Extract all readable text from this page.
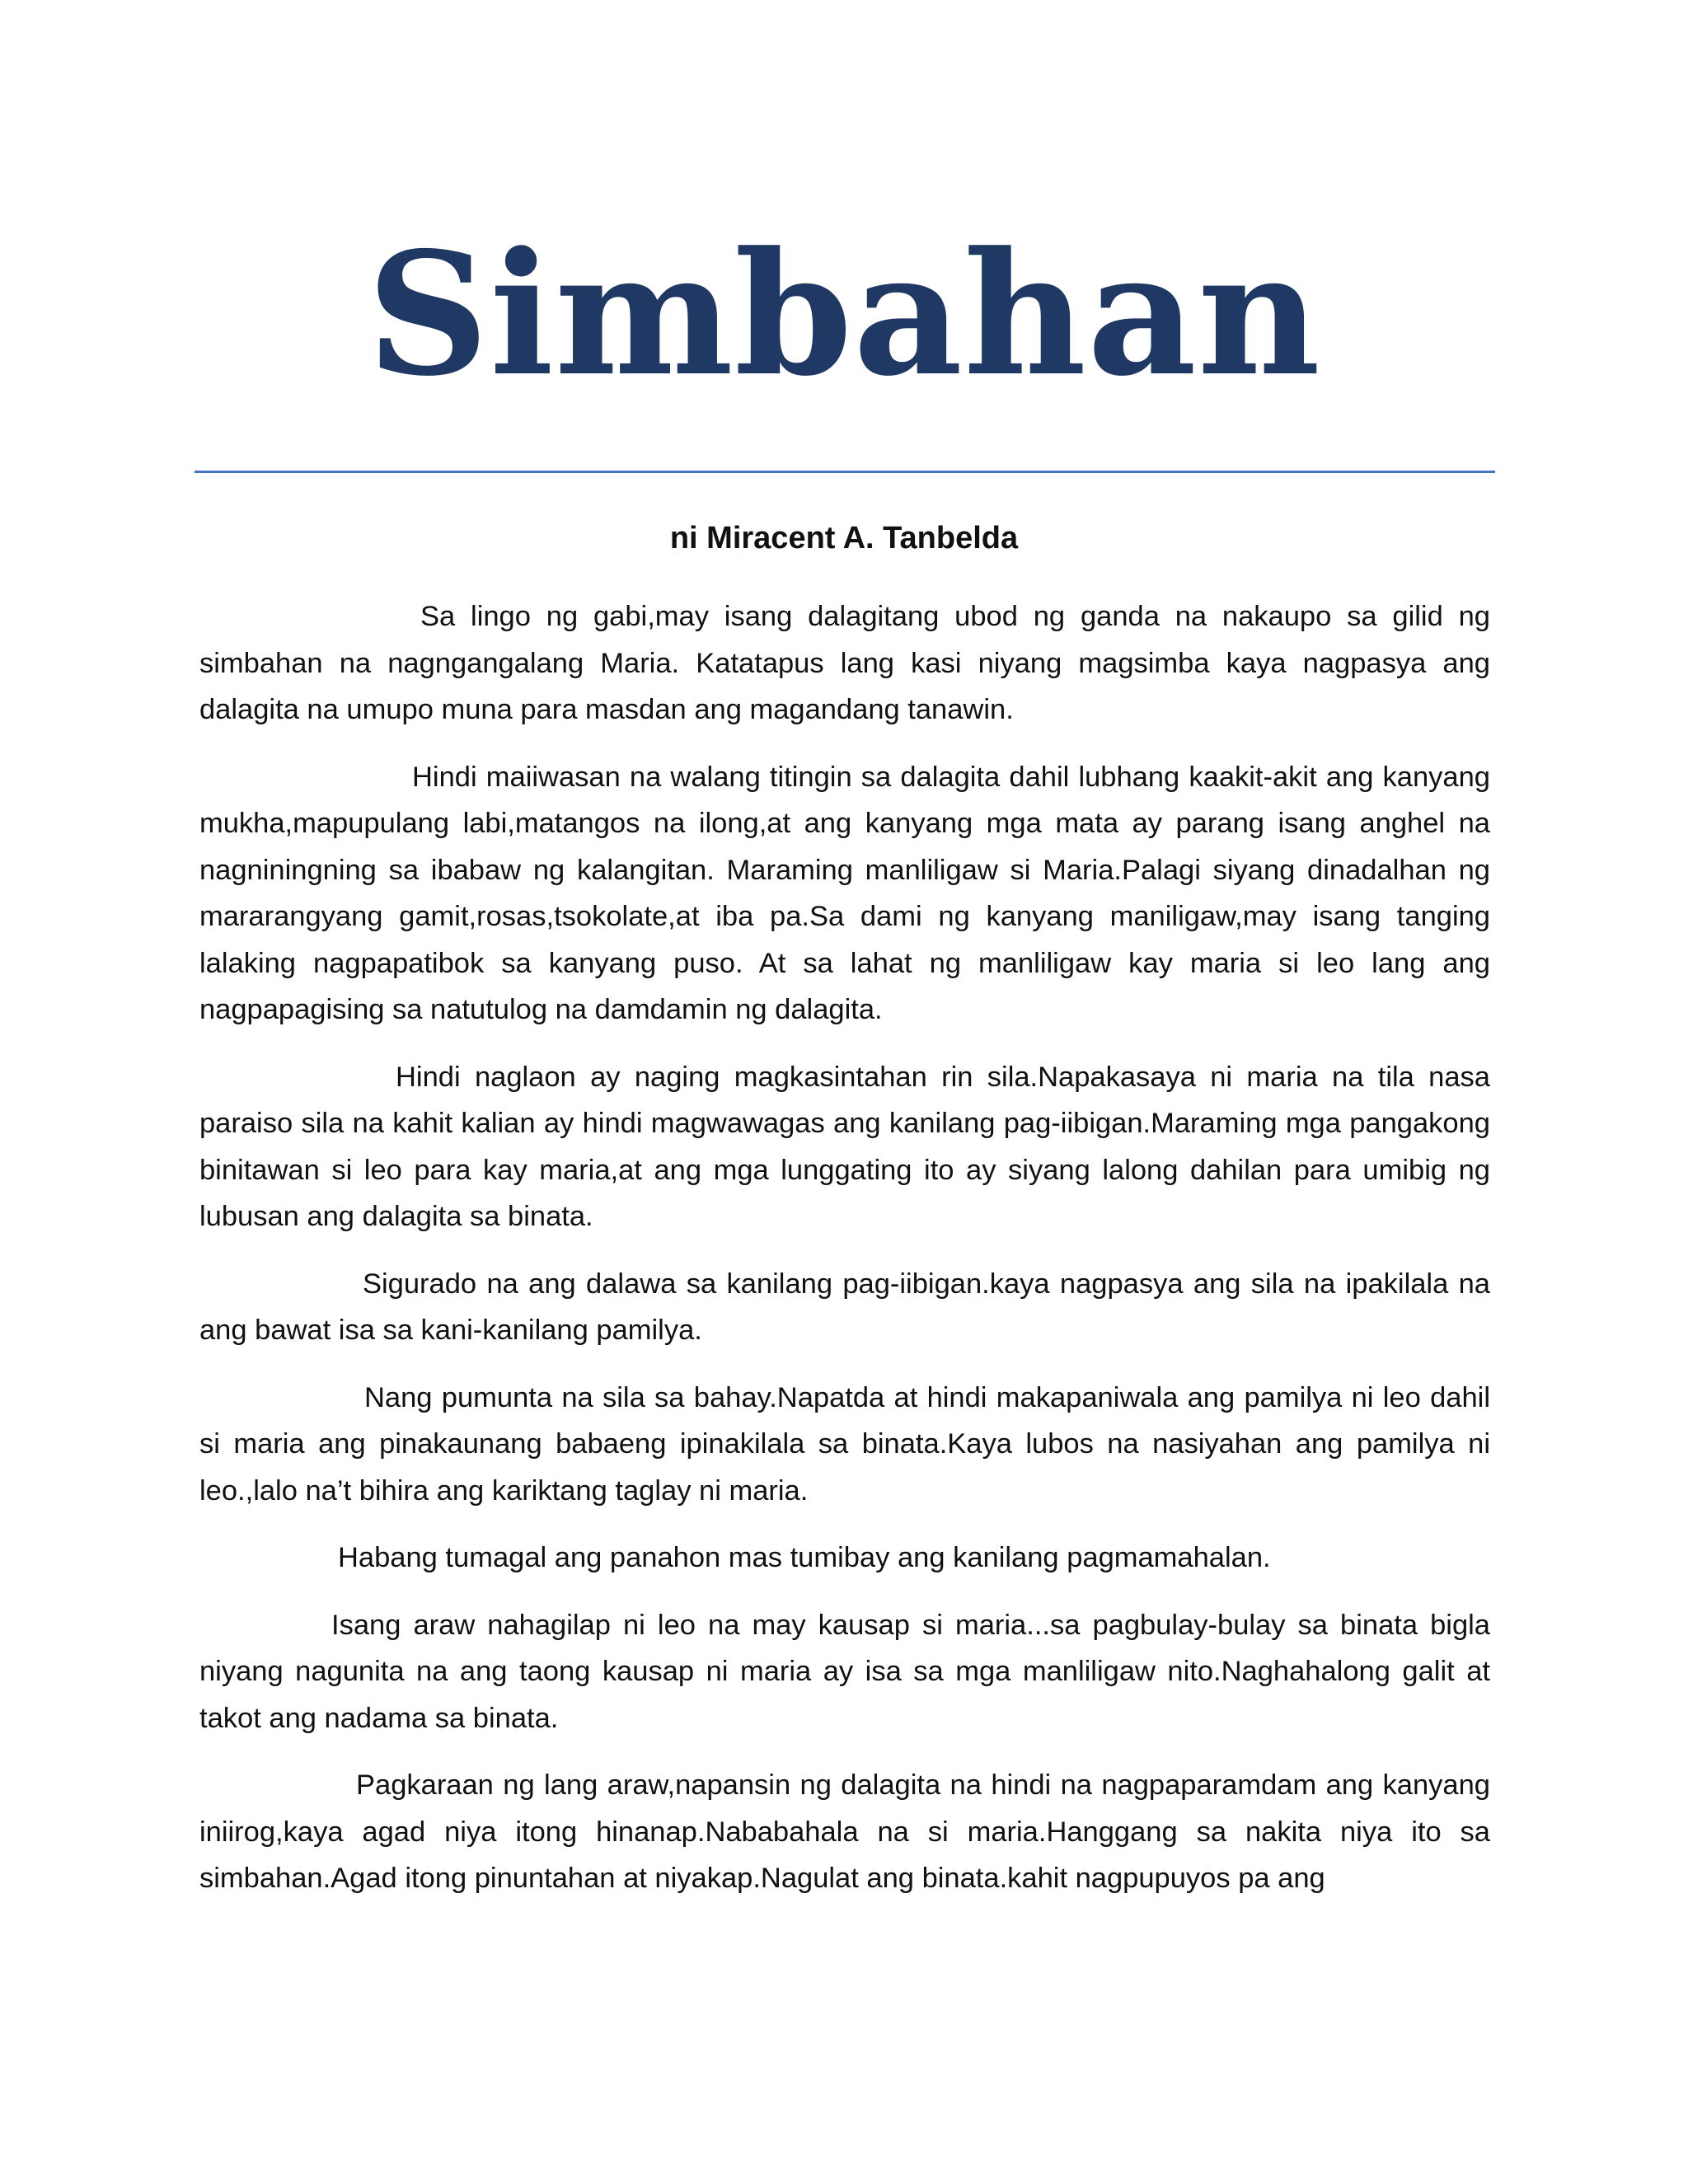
Simbahan
ni Miracent A. Tanbelda

Sa lingo ng gabi,may isang dalagitang ubod ng ganda na nakaupo sa gilid ng simbahan na nagngangalang Maria. Katatapus lang kasi niyang magsimba kaya nagpasya ang dalagita na umupo muna para masdan ang magandang tanawin.

Hindi maiiwasan na walang titingin sa dalagita dahil lubhang kaakit-akit ang kanyang mukha,mapupulang labi,matangos na ilong,at ang kanyang mga mata ay parang isang anghel na nagniningning sa ibabaw ng kalangitan. Maraming manliligaw si Maria.Palagi siyang dinadalhan ng mararangyang gamit,rosas,tsokolate,at iba pa.Sa dami ng kanyang maniligaw,may isang tanging lalaking nagpapatibok sa kanyang puso. At sa lahat ng manliligaw kay maria si leo lang ang nagpapagising sa natutulog na damdamin ng dalagita.

Hindi naglaon ay naging magkasintahan rin sila.Napakasaya ni maria na tila nasa paraiso sila na kahit kalian ay hindi magwawagas ang kanilang pag-iibigan.Maraming mga pangakong binitawan si leo para kay maria,at ang mga lunggating ito ay siyang lalong dahilan para umibig ng lubusan ang dalagita sa binata.

Sigurado na ang dalawa sa kanilang pag-iibigan.kaya nagpasya ang sila na ipakilala na ang bawat isa sa kani-kanilang pamilya.

Nang pumunta na sila sa bahay.Napatda at hindi makapaniwala ang pamilya ni leo dahil si maria ang pinakaunang babaeng ipinakilala sa binata.Kaya lubos na nasiyahan ang pamilya ni leo.,lalo na’t bihira ang kariktang taglay ni maria.

Habang tumagal ang panahon mas tumibay ang kanilang pagmamahalan.

Isang araw nahagilap ni leo na may kausap si maria...sa pagbulay-bulay sa binata bigla niyang nagunita na ang taong kausap ni maria ay isa sa mga manliligaw nito.Naghahalong galit at takot ang nadama sa binata.

Pagkaraan ng lang araw,napansin ng dalagita na hindi na nagpaparamdam ang kanyang iniirog,kaya agad niya itong hinanap.Nababahala na si maria.Hanggang sa nakita niya ito sa simbahan.Agad itong pinuntahan at niyakap.Nagulat ang binata.kahit nagpupuyos pa ang
